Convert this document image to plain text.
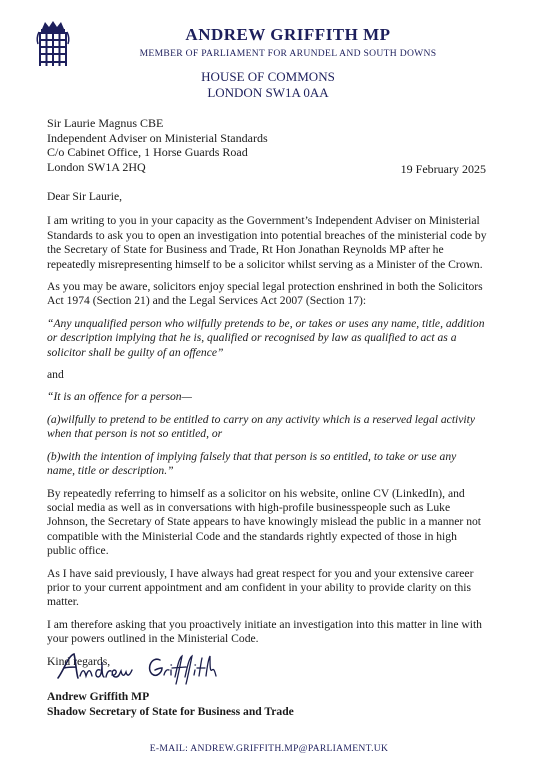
ANDREW GRIFFITH MP
MEMBER OF PARLIAMENT FOR ARUNDEL AND SOUTH DOWNS
HOUSE OF COMMONS
LONDON SW1A 0AA
Sir Laurie Magnus CBE
Independent Adviser on Ministerial Standards
C/o Cabinet Office, 1 Horse Guards Road
London SW1A 2HQ	19 February 2025

Dear Sir Laurie,

I am writing to you in your capacity as the Government’s Independent Adviser on Ministerial Standards to ask you to open an investigation into potential breaches of the ministerial code by the Secretary of State for Business and Trade, Rt Hon Jonathan Reynolds MP after he repeatedly misrepresenting himself to be a solicitor whilst serving as a Minister of the Crown.

As you may be aware, solicitors enjoy special legal protection enshrined in both the Solicitors Act 1974 (Section 21) and the Legal Services Act 2007 (Section 17):

“Any unqualified person who wilfully pretends to be, or takes or uses any name, title, addition or description implying that he is, qualified or recognised by law as qualified to act as a solicitor shall be guilty of an offence”

and

“It is an offence for a person—

(a)wilfully to pretend to be entitled to carry on any activity which is a reserved legal activity when that person is not so entitled, or

(b)with the intention of implying falsely that that person is so entitled, to take or use any name, title or description.”

By repeatedly referring to himself as a solicitor on his website, online CV (LinkedIn), and social media as well as in conversations with high-profile businesspeople such as Luke Johnson, the Secretary of State appears to have knowingly mislead the public in a manner not compatible with the Ministerial Code and the standards rightly expected of those in high public office.

As I have said previously, I have always had great respect for you and your extensive career prior to your current appointment and am confident in your ability to provide clarity on this matter.

I am therefore asking that you proactively initiate an investigation into this matter in line with your powers outlined in the Ministerial Code.

Kind regards,

Andrew Griffith MP
Shadow Secretary of State for Business and Trade
E-MAIL: ANDREW.GRIFFITH.MP@PARLIAMENT.UK
